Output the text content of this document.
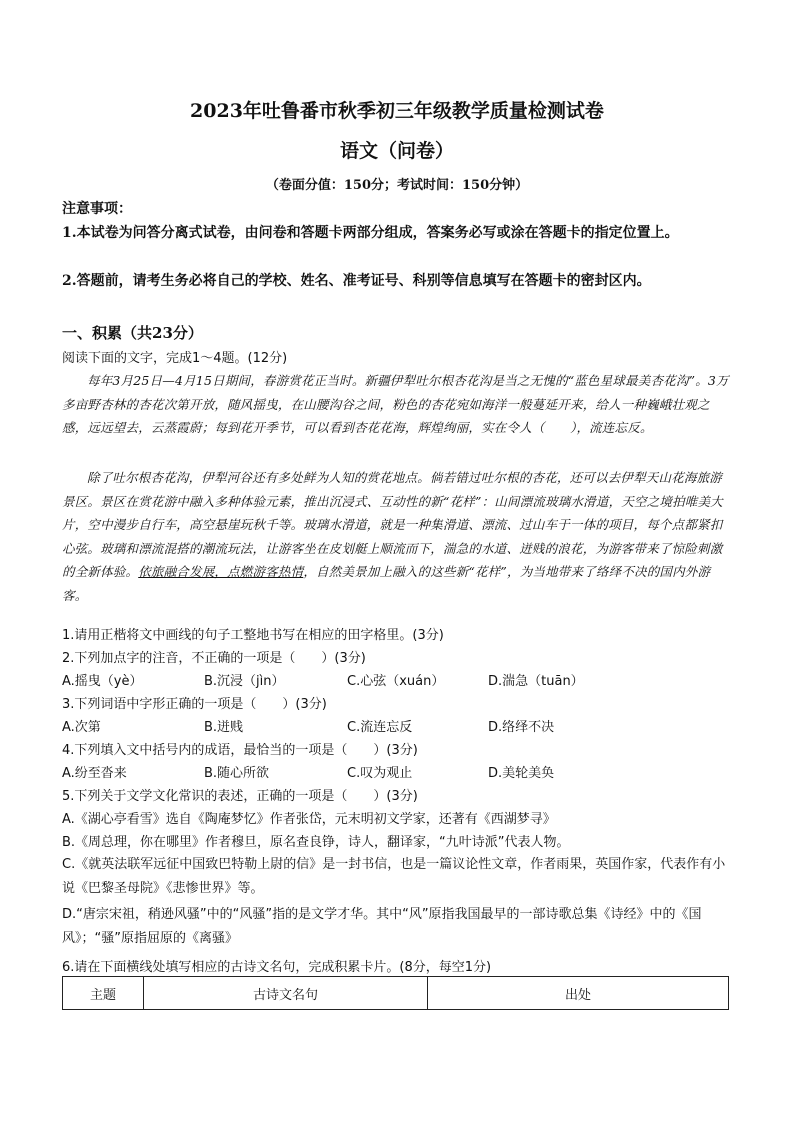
2023年吐鲁番市秋季初三年级教学质量检测试卷
语文（问卷）
（卷面分值：150分；考试时间：150分钟）
注意事项：
1.本试卷为问答分离式试卷，由问卷和答题卡两部分组成，答案务必写或涂在答题卡的指定位置上。
2.答题前，请考生务必将自己的学校、姓名、准考证号、科别等信息填写在答题卡的密封区内。
一、积累（共23分）
阅读下面的文字，完成1～4题。(12分)
每年3月25日—4月15日期间，春游赏花正当时。新疆伊犁吐尔根杏花沟是当之无愧的“蓝色星球最美杏花沟”。3万多亩野杏林的杏花次第开放，随风摇曳，在山腰沟谷之间，粉色的杏花宛如海洋一般蔓延开来，给人一种巍峨壮观之感，远远望去，云蒸霞蔚；每到花开季节，可以看到杏花花海，辉煌绚丽，实在令人（　　），流连忘反。
除了吐尔根杏花沟，伊犁河谷还有多处鲜为人知的赏花地点。倘若错过吐尔根的杏花，还可以去伊犁天山花海旅游景区。景区在赏花游中融入多种体验元素，推出沉浸式、互动性的新“花样”：山间漂流玻璃水滑道，天空之境拍唯美大片，空中漫步自行车，高空悬崖玩秋千等。玻璃水滑道，就是一种集滑道、漂流、过山车于一体的项目，每个点都紧扣心弦。玻璃和漂流混搭的潮流玩法，让游客坐在皮划艇上顺流而下，湍急的水道、迸贱的浪花，为游客带来了惊险刺激的全新体验。依旅融合发展，点燃游客热情，自然美景加上融入的这些新“花样”，为当地带来了络绎不决的国内外游客。
1.请用正楷将文中画线的句子工整地书写在相应的田字格里。(3分)
2.下列加点字的注音，不正确的一项是（　　）(3分)
A.摇曳（yè）	B.沉浸（jìn）	C.心弦（xuán）	D.湍急（tuān）
3.下列词语中字形正确的一项是（　　）(3分)
A.次第	B.迸贱	C.流连忘反	D.络绎不决
4.下列填入文中括号内的成语，最恰当的一项是（　　）(3分)
A.纷至沓来	B.随心所欲	C.叹为观止	D.美轮美奂
5.下列关于文学文化常识的表述，正确的一项是（　　）(3分)
A.《湖心亭看雪》选自《陶庵梦忆》作者张岱，元末明初文学家，还著有《西湖梦寻》
B.《周总理，你在哪里》作者穆旦，原名查良铮，诗人，翻译家，“九叶诗派”代表人物。
C.《就英法联军远征中国致巴特勒上尉的信》是一封书信，也是一篇议论性文章，作者雨果，英国作家，代表作有小说《巴黎圣母院》《悲惨世界》等。
D.“唐宗宋祖，稍逊风骚”中的“风骚”指的是文学才华。其中“风”原指我国最早的一部诗歌总集《诗经》中的《国风》；“骚”原指屈原的《离骚》
6.请在下面横线处填写相应的古诗文名句，完成积累卡片。(8分，每空1分)
主题	古诗文名句	出处
